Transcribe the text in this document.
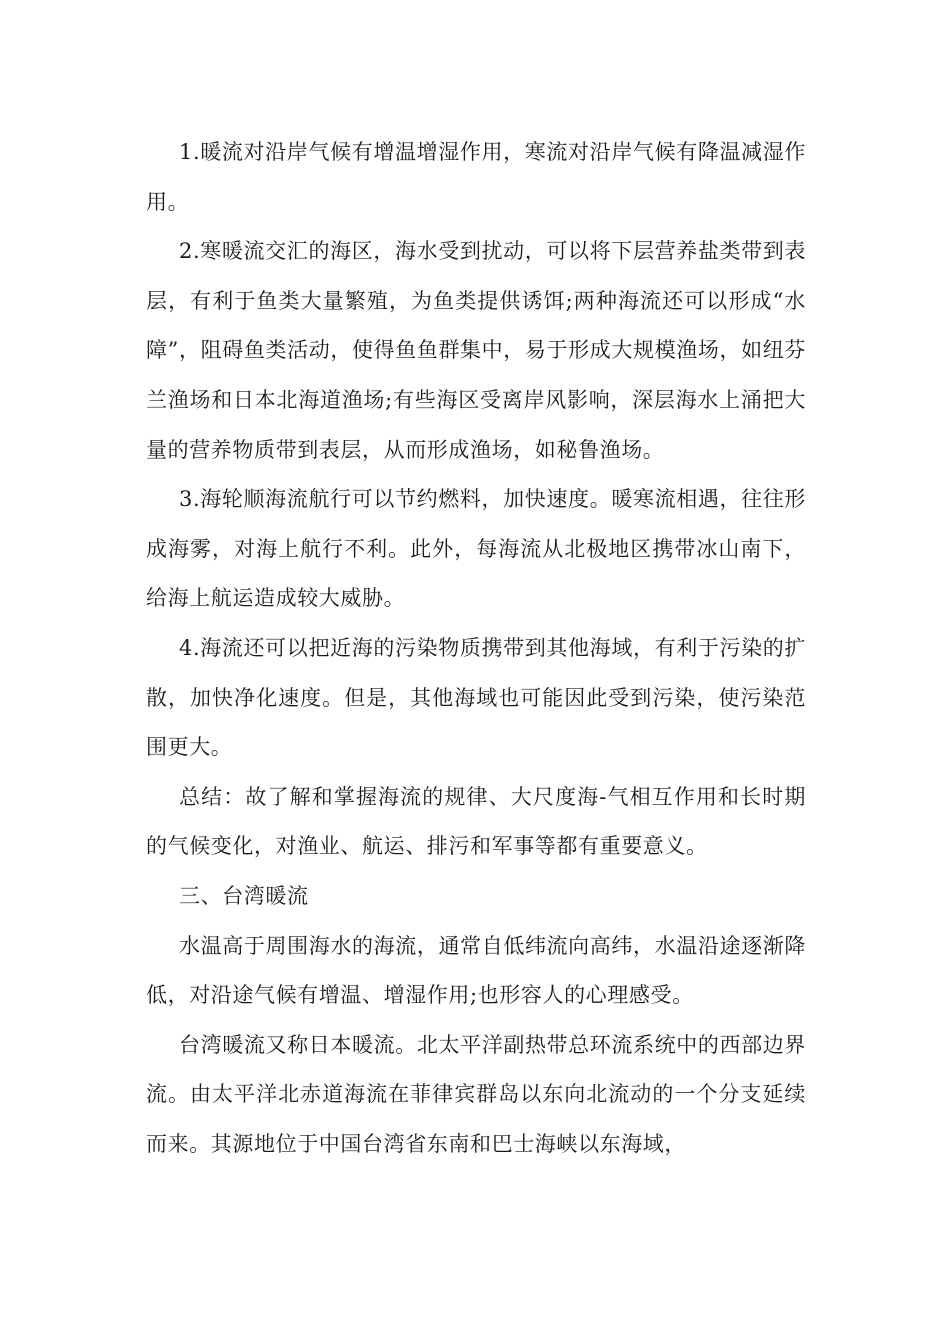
1.暖流对沿岸气候有增温增湿作用，寒流对沿岸气候有降温减湿作用。

2.寒暖流交汇的海区，海水受到扰动，可以将下层营养盐类带到表层，有利于鱼类大量繁殖，为鱼类提供诱饵;两种海流还可以形成“水障”，阻碍鱼类活动，使得鱼鱼群集中，易于形成大规模渔场，如纽芬兰渔场和日本北海道渔场;有些海区受离岸风影响，深层海水上涌把大量的营养物质带到表层，从而形成渔场，如秘鲁渔场。

3.海轮顺海流航行可以节约燃料，加快速度。暖寒流相遇，往往形成海雾，对海上航行不利。此外，每海流从北极地区携带冰山南下，给海上航运造成较大威胁。

4.海流还可以把近海的污染物质携带到其他海域，有利于污染的扩散，加快净化速度。但是，其他海域也可能因此受到污染，使污染范围更大。

总结：故了解和掌握海流的规律、大尺度海-气相互作用和长时期的气候变化，对渔业、航运、排污和军事等都有重要意义。

三、台湾暖流

水温高于周围海水的海流，通常自低纬流向高纬，水温沿途逐渐降低，对沿途气候有增温、增湿作用;也形容人的心理感受。

台湾暖流又称日本暖流。北太平洋副热带总环流系统中的西部边界流。由太平洋北赤道海流在菲律宾群岛以东向北流动的一个分支延续而来。其源地位于中国台湾省东南和巴士海峡以东海域，
